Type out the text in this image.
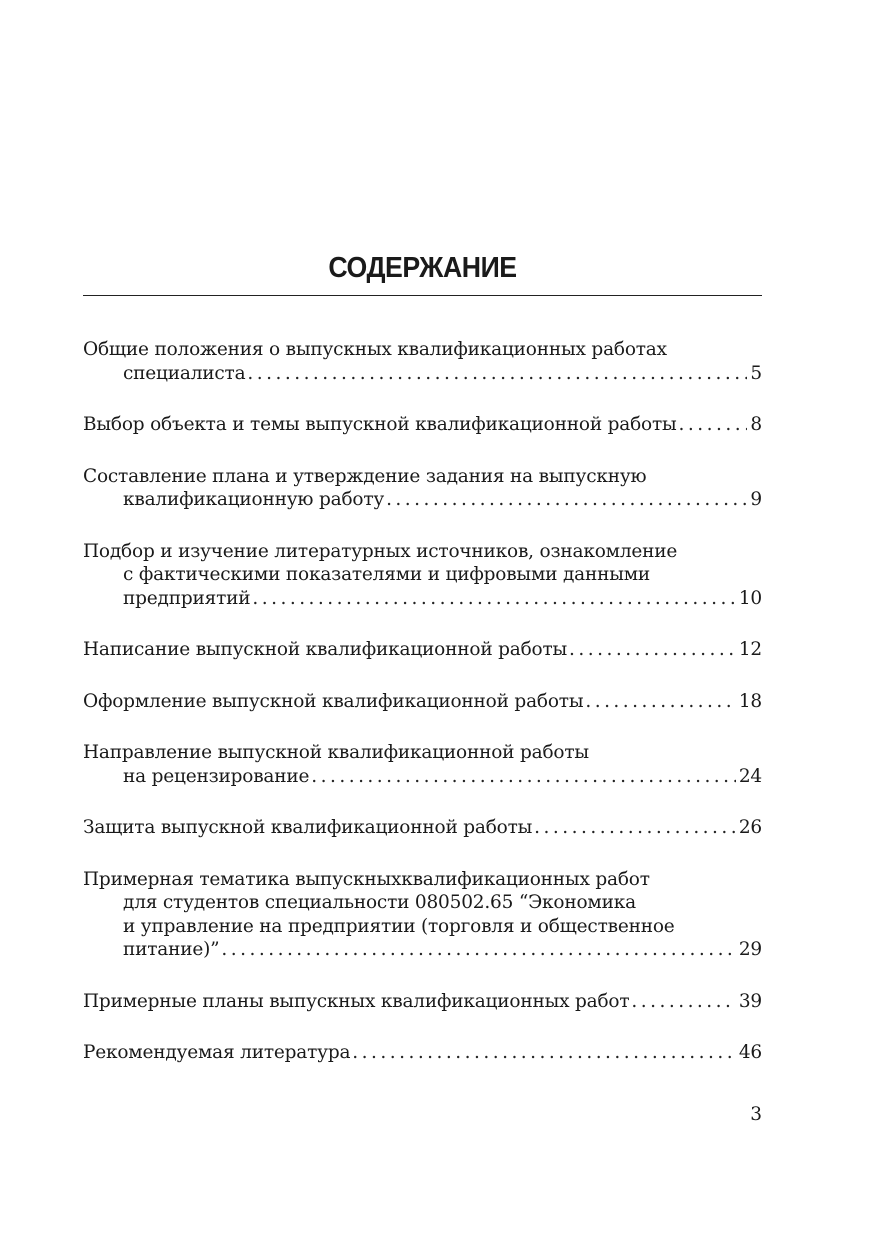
СОДЕРЖАНИЕ
Общие положения о выпускных квалификационных работах
специалиста . . .	5
Выбор объекта и темы выпускной квалификационной работы . . .	8
Составление плана и утверждение задания на выпускную
квалификационную работу . . .	9
Подбор и изучение литературных источников, ознакомление
с фактическими показателями и цифровыми данными
предприятий . . .	10
Написание выпускной квалификационной работы . . .	12
Оформление выпускной квалификационной работы . . .	18
Направление выпускной квалификационной работы
на рецензирование . . .	24
Защита выпускной квалификационной работы . . .	26
Примерная тематика выпускныхквалификационных работ
для студентов специальности 080502.65 “Экономика
и управление на предприятии (торговля и общественное
питание)” . . .	29
Примерные планы выпускных квалификационных работ . . .	39
Рекомендуемая литература . . .	46
3
